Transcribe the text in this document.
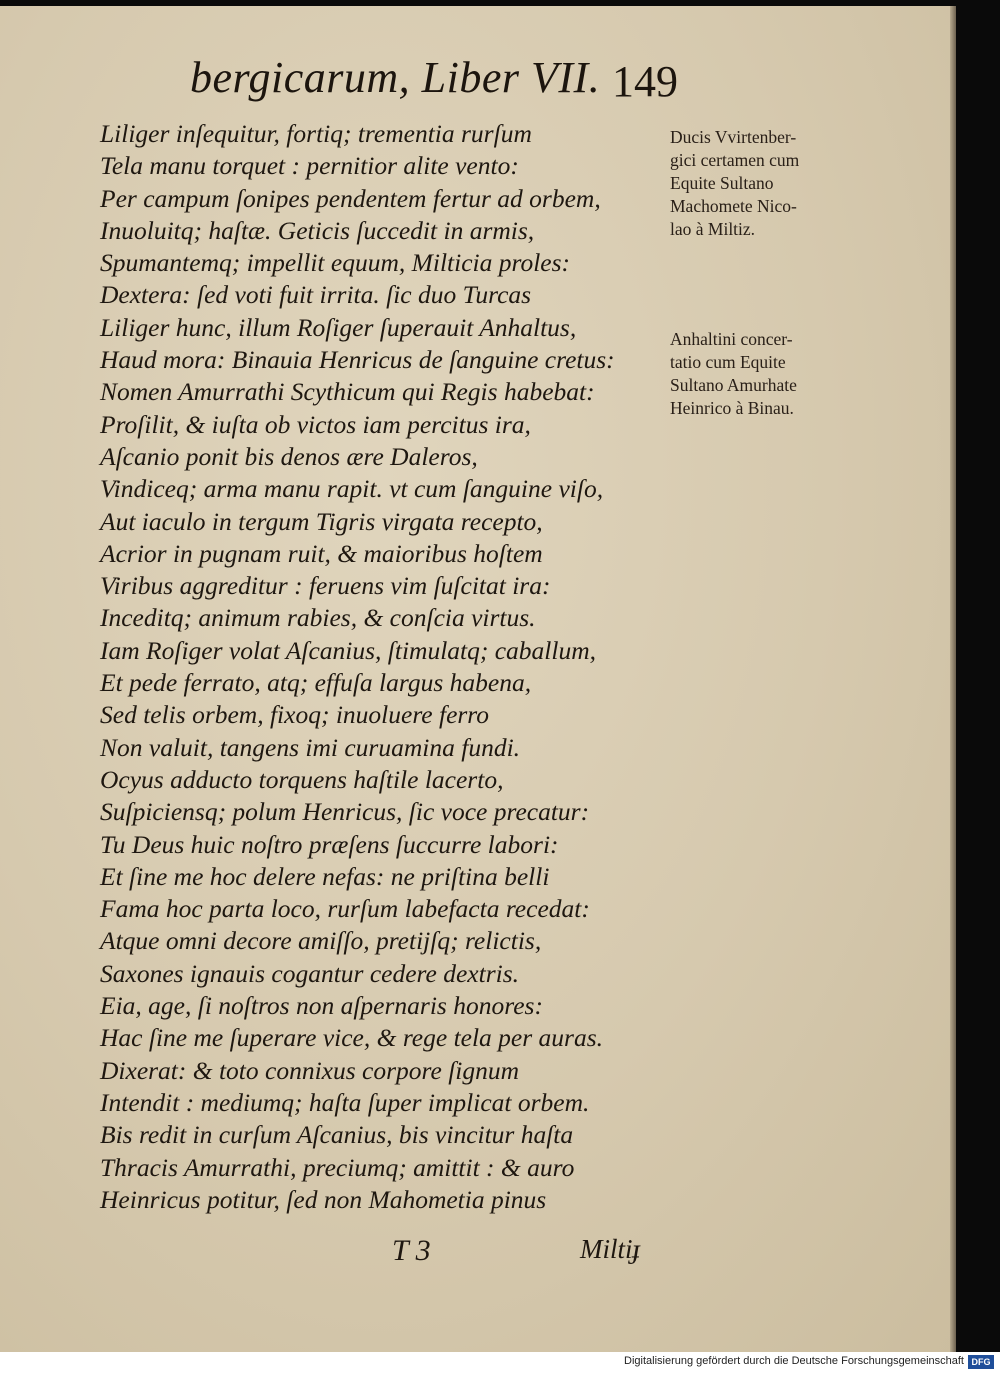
bergicarum, Liber VII. 149
Liliger inſequitur, fortiq; trementia rurſum
Tela manu torquet : pernitior alite vento:
Per campum ſonipes pendentem fertur ad orbem,
Inuoluitq; haſtæ. Geticis ſuccedit in armis,
Spumantemq; impellit equum, Milticia proles:
Dextera: ſed voti fuit irrita. ſic duo Turcas
Liliger hunc, illum Roſiger ſuperauit Anhaltus,
Haud mora: Binauia Henricus de ſanguine cretus:
Nomen Amurrathi Scythicum qui Regis habebat:
Proſilit, & iuſta ob victos iam percitus ira,
Aſcanio ponit bis denos ære Daleros,
Vindiceq; arma manu rapit. vt cum ſanguine viſo,
Aut iaculo in tergum Tigris virgata recepto,
Acrior in pugnam ruit, & maioribus hoſtem
Viribus aggreditur : feruens vim ſuſcitat ira:
Inceditq; animum rabies, & conſcia virtus.
Iam Roſiger volat Aſcanius, ſtimulatq; caballum,
Et pede ferrato, atq; effuſa largus habena,
Sed telis orbem, fixoq; inuoluere ferro
Non valuit, tangens imi curuamina fundi.
Ocyus adducto torquens haſtile lacerto,
Suſpiciensq; polum Henricus, ſic voce precatur:
Tu Deus huic noſtro præſens ſuccurre labori:
Et ſine me hoc delere nefas: ne priſtina belli
Fama hoc parta loco, rurſum labefacta recedat:
Atque omni decore amiſſo, pretijſq; relictis,
Saxones ignauis cogantur cedere dextris.
Eia, age, ſi noſtros non aſpernaris honores:
Hac ſine me ſuperare vice, & rege tela per auras.
Dixerat: & toto connixus corpore ſignum
Intendit : mediumq; haſta ſuper implicat orbem.
Bis redit in curſum Aſcanius, bis vincitur haſta
Thracis Amurrathi, preciumq; amittit : & auro
Heinricus potitur, ſed non Mahometia pinus
Ducis Vvirtenber-
gici certamen cum
Equite Sultano
Machomete Nico-
lao à Miltiz.
Anhaltini concer-
tatio cum Equite
Sultano Amurhate
Heinrico à Binau.
T 3	Miltiɟ
Digitalisierung gefördert durch die Deutsche Forschungsgemeinschaft DFG
